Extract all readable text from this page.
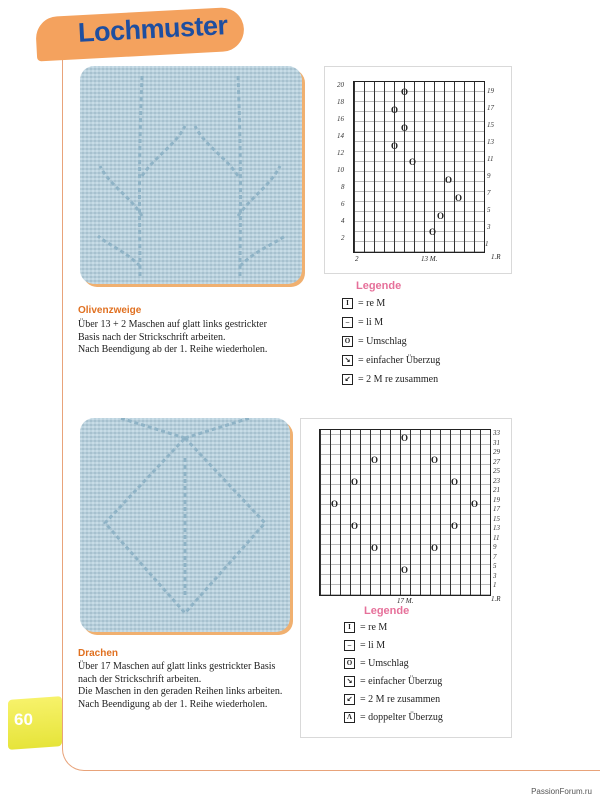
Lochmuster
O
O
O
O
O
O
O
O
O
20
18
16
14
12
10
8
6
4
2
19
17
15
13
11
9
7
5
3
1
2	13 M.	1.R
Legende
I = re M
– = li M
O = Umschlag
↘ = einfacher Überzug
↙ = 2 M re zusammen
Olivenzweige
Über 13 + 2 Maschen auf glatt links gestrickter
Basis nach der Strickschrift arbeiten.
Nach Beendigung ab der 1. Reihe wiederholen.
O
O	O
O	O
O	O
O	O
O	O
O
33
31
29
27
25
23
21
19
17
15
13
11
9
7
5
3
1
17 M.	1.R
Legende
I = re M
– = li M
O = Umschlag
↘ = einfacher Überzug
↙ = 2 M re zusammen
Λ = doppelter Überzug
Drachen
Über 17 Maschen auf glatt links gestrickter Basis
nach der Strickschrift arbeiten.
Die Maschen in den geraden Reihen links arbeiten.
Nach Beendigung ab der 1. Reihe wiederholen.
60
PassionForum.ru
